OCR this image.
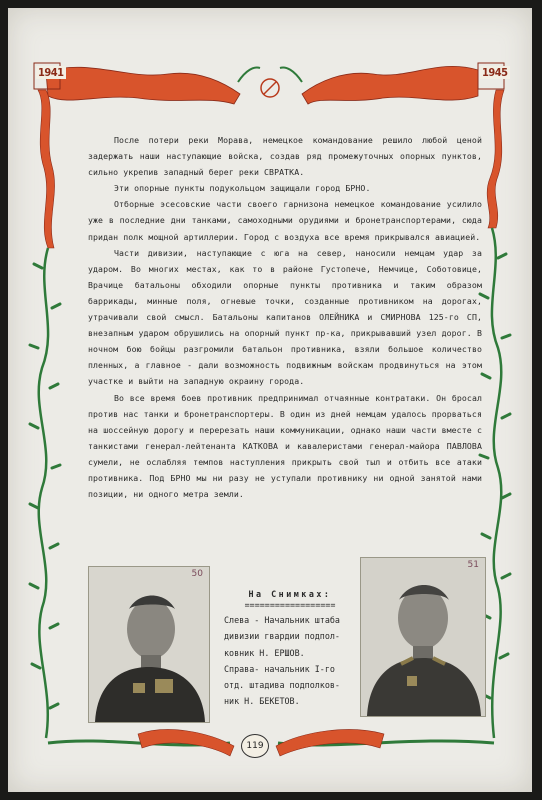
1941	1945

После потери реки Морава, немецкое командование решило любой ценой задержать наши наступающие войска, создав ряд промежуточных опорных пунктов, сильно укрепив западный берег реки СВРАТКА.

Эти опорные пункты подукольцом защищали город БРНО.

Отборные эсесовские части своего гарнизона немецкое командование усилило уже в последние дни танками, самоходными орудиями и бронетранспортерами, сюда придан полк мощной артиллерии. Город с воздуха все время прикрывался авиацией.

Части дивизии, наступающие с юга на север, наносили немцам удар за ударом. Во многих местах, как то в районе Густопече, Немчице, Соботовице, Врачице батальоны обходили опорные пункты противника и таким образом баррикады, минные поля, огневые точки, созданные противником на дорогах, утрачивали свой смысл. Батальоны капитанов ОЛЕЙНИКА и СМИРНОВА 125-го СП, внезапным ударом обрушились на опорный пункт пр-ка, прикрывавший узел дорог. В ночном бою бойцы разгромили батальон противника, взяли большое количество пленных, а главное - дали возможность подвижным войскам продвинуться на этом участке и выйти на западную окраину города.

Во все время боев противник предпринимал отчаянные контратаки. Он бросал против нас танки и бронетранспортеры. В один из дней немцам удалось прорваться на шоссейную дорогу и перерезать наши коммуникации, однако наши части вместе с танкистами генерал-лейтенанта КАТКОВА и кавалеристами генерал-майора ПАВЛОВА сумели, не ослабляя темпов наступления прикрыть свой тыл и отбить все атаки противника. Под БРНО мы ни разу не уступали противнику ни одной занятой нами позиции, ни одного метра земли.

50
На Снимках:
==================
Слева - Начальник штаба
дивизии гвардии подпол-
ковник Н. ЕРШОВ.
Справа- начальник I-го
отд. штадива подполков-
ник Н. БЕКЕТОВ.
51
119
